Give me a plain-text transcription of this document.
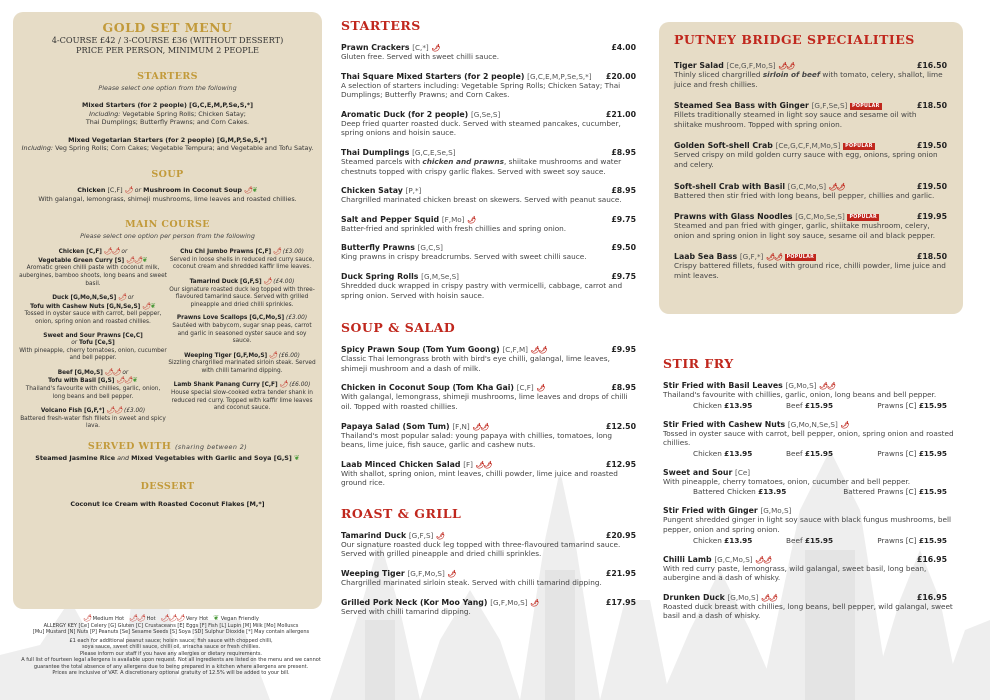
GOLD SET MENU
4-COURSE £42 / 3-COURSE £36 (WITHOUT DESSERT)
PRICE PER PERSON, MINIMUM 2 PEOPLE
STARTERS
Please select one option from the following
Mixed Starters (for 2 people) [G,C,E,M,P,Se,S,*]
Including: Vegetable Spring Rolls; Chicken Satay;
Thai Dumplings; Butterfly Prawns; and Corn Cakes.
Mixed Vegetarian Starters (for 2 people) [G,M,P,Se,S,*]
Including: Veg Spring Rolls; Corn Cakes; Vegetable Tempura; and Vegetable and Tofu Satay.
SOUP
Chicken [C,F] 🌶 or Mushroom in Coconut Soup 🌶❦
With galangal, lemongrass, shimeji mushrooms, lime leaves and roasted chillies.
MAIN COURSE
Please select one option per person from the following
Chicken [C,F] 🌶🌶 or
Vegetable Green Curry [S] 🌶🌶❦
Aromatic green chilli paste with coconut milk, aubergines, bamboo shoots, long beans and sweet basil.
Duck [G,Mo,N,Se,S] 🌶 or
Tofu with Cashew Nuts [G,N,Se,S] 🌶❦
Tossed in oyster sauce with carrot, bell pepper, onion, spring onion and roasted chillies.
Sweet and Sour Prawns [Ce,C]
or Tofu [Ce,S]
With pineapple, cherry tomatoes, onion, cucumber and bell pepper.
Beef [G,Mo,S] 🌶🌶 or
Tofu with Basil [G,S] 🌶🌶❦
Thailand's favourite with chillies, garlic, onion, long beans and bell pepper.
Volcano Fish [G,F,*] 🌶🌶 (£3.00)
Battered fresh-water fish fillets in sweet and spicy lava.
Chu Chi Jumbo Prawns [C,F] 🌶 (£3.00)
Served in loose shells in reduced red curry sauce, coconut cream and shredded kaffir lime leaves.
Tamarind Duck [G,F,S] 🌶 (£4.00)
Our signature roasted duck leg topped with three-flavoured tamarind sauce. Served with grilled pineapple and dried chilli sprinkles.
Prawns Love Scallops [G,C,Mo,S] (£3.00)
Sautéed with babycorn, sugar snap peas, carrot and garlic in seasoned oyster sauce and soy sauce.
Weeping Tiger [G,F,Mo,S] 🌶 (£6.00)
Sizzling chargrilled marinated sirloin steak. Served with chilli tamarind dipping.
Lamb Shank Panang Curry [C,F] 🌶 (£6.00)
House special slow-cooked extra tender shank in reduced red curry. Topped with kaffir lime leaves and coconut sauce.
SERVED WITH (sharing between 2)
Steamed Jasmine Rice and Mixed Vegetables with Garlic and Soya [G,S] ❦
DESSERT
Coconut Ice Cream with Roasted Coconut Flakes [M,*]
🌶 Medium Hot 🌶🌶 Hot 🌶🌶🌶 Very Hot ❦ Vegan Friendly
ALLERGY KEY [Ce] Celery [G] Gluten [C] Crustaceans [E] Eggs [F] Fish [L] Lupin [M] Milk [Mo] Molluscs
[Mu] Mustard [N] Nuts [P] Peanuts [Se] Sesame Seeds [S] Soya [SD] Sulphur Dioxide [*] May contain allergens
£1 each for additional peanut sauce; hoisin sauce; fish sauce with chopped chilli,
soya sauce, sweet chilli sauce, chilli oil, sriracha sauce or fresh chillies.
Please inform our staff if you have any allergies or dietary requirements.
A full list of fourteen legal allergens is available upon request. Not all ingredients are listed on the menu and we cannot
guarantee the total absence of any allergens due to being prepared in a kitchen where allergens are present.
Prices are inclusive of VAT. A discretionary optional gratuity of 12.5% will be added to your bill.
STARTERS
Prawn Crackers [C,*] 🌶	£4.00
Gluten free. Served with sweet chilli sauce.
Thai Square Mixed Starters (for 2 people) [G,C,E,M,P,Se,S,*] £20.00
A selection of starters including: Vegetable Spring Rolls; Chicken Satay; Thai Dumplings; Butterfly Prawns; and Corn Cakes.
Aromatic Duck (for 2 people) [G,Se,S]	£21.00
Deep fried quarter roasted duck. Served with steamed pancakes, cucumber, spring onions and hoisin sauce.
Thai Dumplings [G,C,E,Se,S]	£8.95
Steamed parcels with chicken and prawns, shiitake mushrooms and water chestnuts topped with crispy garlic flakes. Served with sweet soy sauce.
Chicken Satay [P,*]	£8.95
Chargrilled marinated chicken breast on skewers. Served with peanut sauce.
Salt and Pepper Squid [F,Mo] 🌶	£9.75
Batter-fried and sprinkled with fresh chillies and spring onion.
Butterfly Prawns [G,C,S]	£9.50
King prawns in crispy breadcrumbs. Served with sweet chilli sauce.
Duck Spring Rolls [G,M,Se,S]	£9.75
Shredded duck wrapped in crispy pastry with vermicelli, cabbage, carrot and spring onion. Served with hoisin sauce.
SOUP & SALAD
Spicy Prawn Soup (Tom Yum Goong) [C,F,M] 🌶🌶	£9.95
Classic Thai lemongrass broth with bird's eye chilli, galangal, lime leaves, shimeji mushroom and a dash of milk.
Chicken in Coconut Soup (Tom Kha Gai) [C,F] 🌶	£8.95
With galangal, lemongrass, shimeji mushrooms, lime leaves and drops of chilli oil. Topped with roasted chillies.
Papaya Salad (Som Tum) [F,N] 🌶🌶	£12.50
Thailand's most popular salad: young papaya with chillies, tomatoes, long beans, lime juice, fish sauce, garlic and cashew nuts.
Laab Minced Chicken Salad [F] 🌶🌶	£12.95
With shallot, spring onion, mint leaves, chilli powder, lime juice and roasted ground rice.
ROAST & GRILL
Tamarind Duck [G,F,S] 🌶	£20.95
Our signature roasted duck leg topped with three-flavoured tamarind sauce. Served with grilled pineapple and dried chilli sprinkles.
Weeping Tiger [G,F,Mo,S] 🌶	£21.95
Chargrilled marinated sirloin steak. Served with chilli tamarind dipping.
Grilled Pork Neck (Kor Moo Yang) [G,F,Mo,S] 🌶	£17.95
Served with chilli tamarind dipping.
PUTNEY BRIDGE SPECIALITIES
Tiger Salad [Ce,G,F,Mo,S] 🌶🌶	£16.50
Thinly sliced chargrilled sirloin of beef with tomato, celery, shallot, lime juice and fresh chillies.
Steamed Sea Bass with Ginger [G,F,Se,S] POPULAR	£18.50
Fillets traditionally steamed in light soy sauce and sesame oil with shiitake mushroom. Topped with spring onion.
Golden Soft-shell Crab [Ce,G,C,F,M,Mo,S] POPULAR	£19.50
Served crispy on mild golden curry sauce with egg, onions, spring onion and celery.
Soft-shell Crab with Basil [G,C,Mo,S] 🌶🌶	£19.50
Battered then stir fried with long beans, bell pepper, chillies and garlic.
Prawns with Glass Noodles [G,C,Mo,Se,S] POPULAR	£19.95
Steamed and pan fried with ginger, garlic, shiitake mushroom, celery, onion and spring onion in light soy sauce, sesame oil and black pepper.
Laab Sea Bass [G,F,*] 🌶🌶 POPULAR	£18.50
Crispy battered fillets, fused with ground rice, chilli powder, lime juice and mint leaves.
STIR FRY
Stir Fried with Basil Leaves [G,Mo,S] 🌶🌶
Thailand's favourite with chillies, garlic, onion, long beans and bell pepper.
Chicken £13.95	Beef £15.95	Prawns [C] £15.95
Stir Fried with Cashew Nuts [G,Mo,N,Se,S] 🌶
Tossed in oyster sauce with carrot, bell pepper, onion, spring onion and roasted chillies.
Chicken £13.95	Beef £15.95	Prawns [C] £15.95
Sweet and Sour [Ce]
With pineapple, cherry tomatoes, onion, cucumber and bell pepper.
Battered Chicken £13.95	Battered Prawns [C] £15.95
Stir Fried with Ginger [G,Mo,S]
Pungent shredded ginger in light soy sauce with black fungus mushrooms, bell pepper, onion and spring onion.
Chicken £13.95	Beef £15.95	Prawns [C] £15.95
Chilli Lamb [G,C,Mo,S] 🌶🌶	£16.95
With red curry paste, lemongrass, wild galangal, sweet basil, long bean, aubergine and a dash of whisky.
Drunken Duck [G,Mo,S] 🌶🌶	£16.95
Roasted duck breast with chillies, long beans, bell pepper, wild galangal, sweet basil and a dash of whisky.
